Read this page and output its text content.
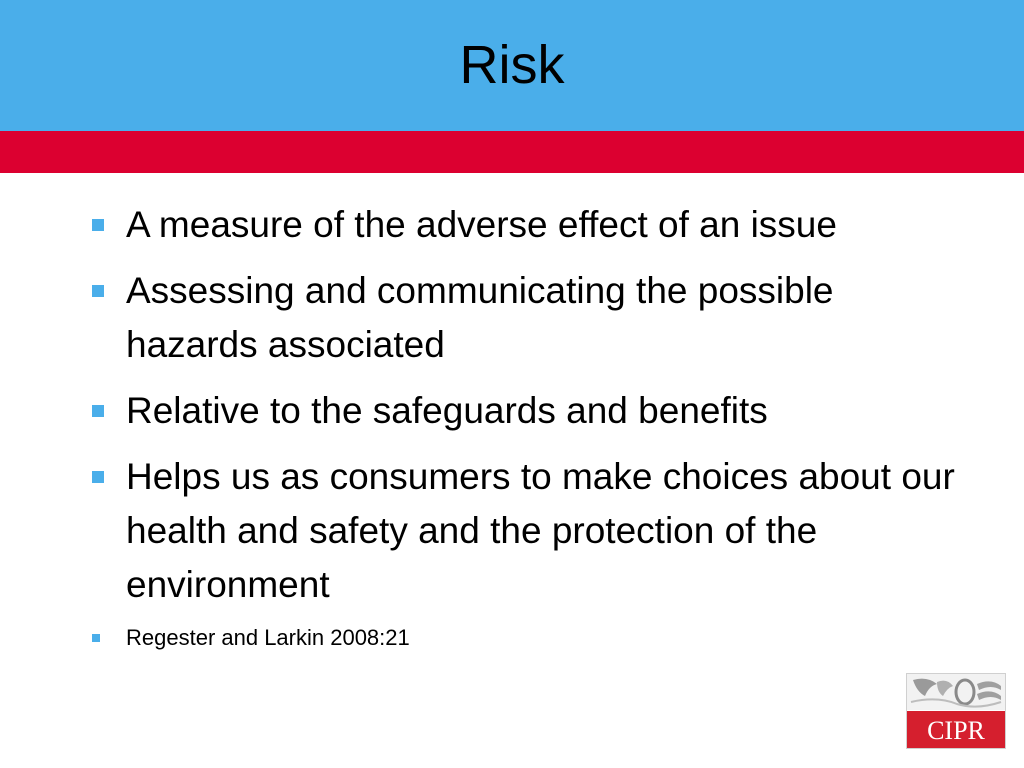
Risk
A measure of the adverse effect of an issue
Assessing and communicating the possible hazards associated
Relative to the safeguards and benefits
Helps us as consumers to make choices about our health and safety and the protection of the environment
Regester and Larkin 2008:21
CIPR
